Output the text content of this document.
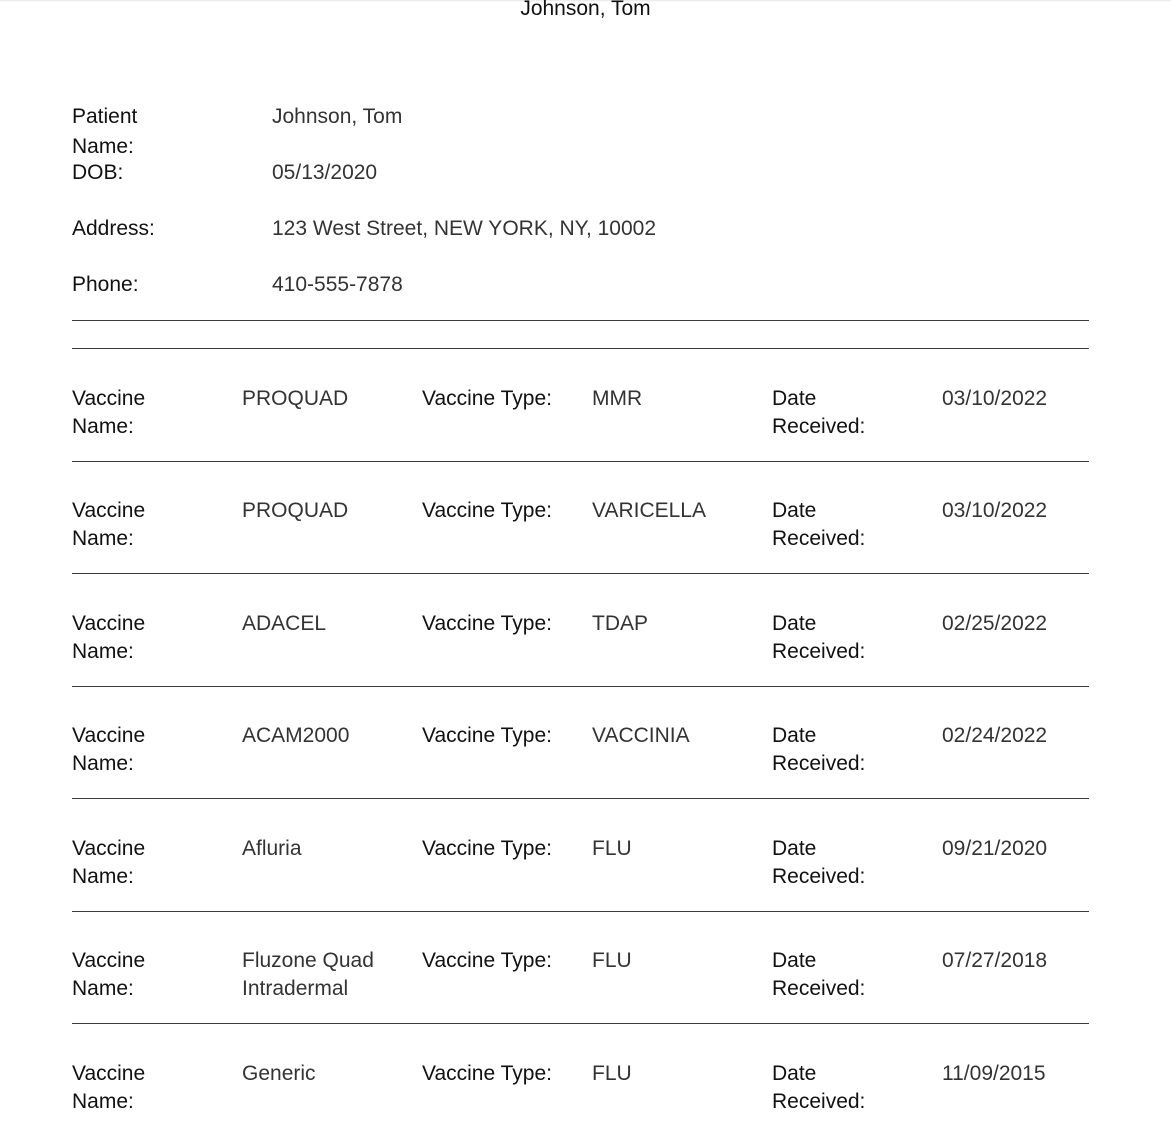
Johnson, Tom
Patient Name:
Johnson, Tom
DOB:	05/13/2020
Address:	123 West Street, NEW YORK, NY, 10002
Phone:	410-555-7878
Vaccine
Name:
PROQUAD	Vaccine Type:	MMR	Date
Received:
03/10/2022
Vaccine
Name:
PROQUAD	Vaccine Type:	VARICELLA	Date
Received:
03/10/2022
Vaccine
Name:
ADACEL	Vaccine Type:	TDAP	Date
Received:
02/25/2022
Vaccine
Name:
ACAM2000	Vaccine Type:	VACCINIA	Date
Received:
02/24/2022
Vaccine
Name:
Afluria	Vaccine Type:	FLU	Date
Received:
09/21/2020
Vaccine
Name:
Fluzone Quad Intradermal
Vaccine Type:	FLU	Date
Received:
07/27/2018
Vaccine
Name:
Generic	Vaccine Type:	FLU	Date
Received:
11/09/2015
